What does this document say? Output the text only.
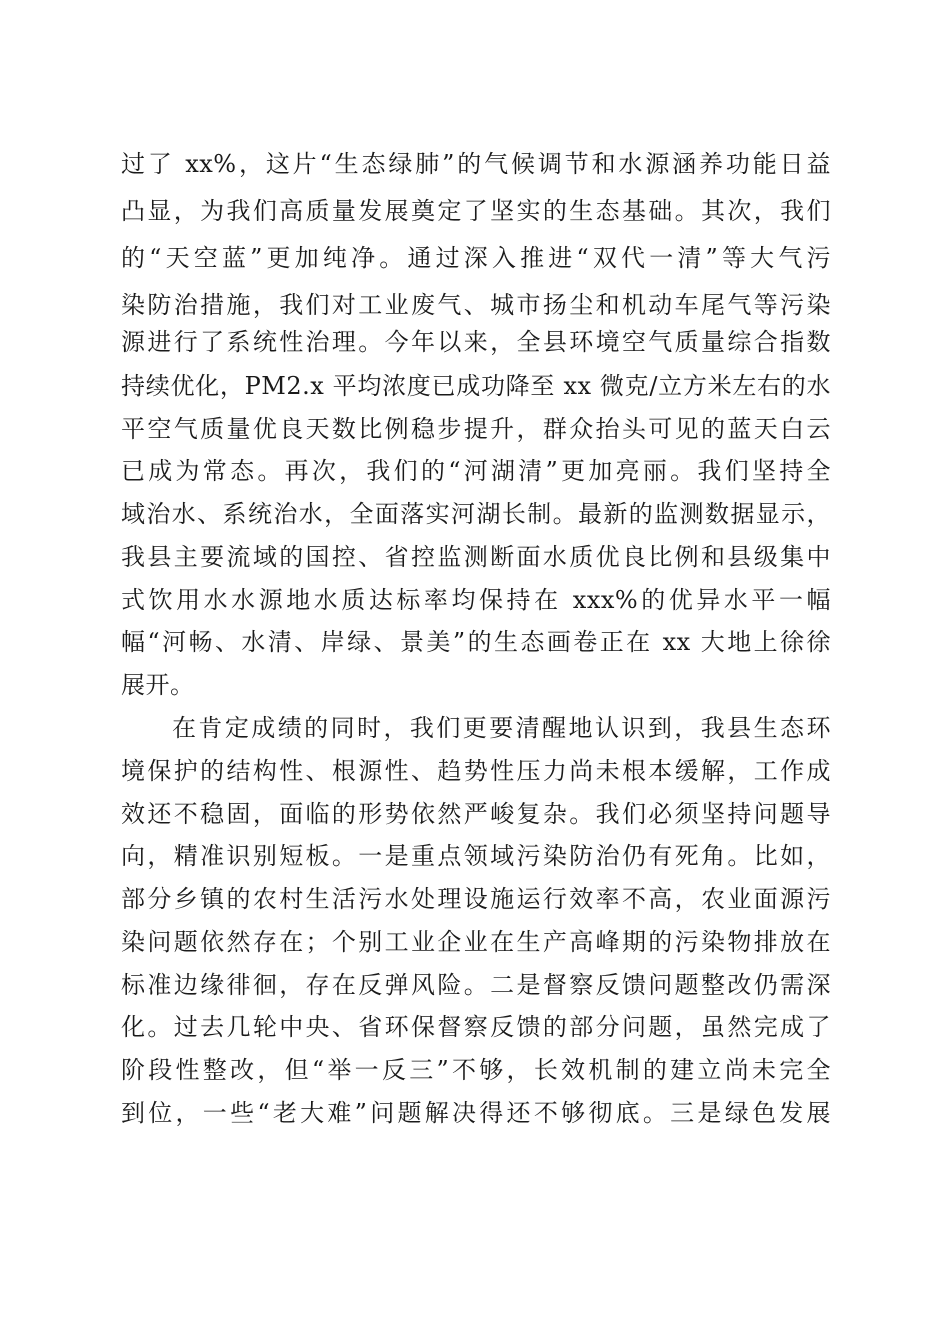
过了 xx%，这片“生态绿肺”的气候调节和水源涵养功能日益
凸显，为我们高质量发展奠定了坚实的生态基础。其次，我们
的“天空蓝”更加纯净。通过深入推进“双代一清”等大气污
染防治措施，我们对工业废气、城市扬尘和机动车尾气等污染
源进行了系统性治理。今年以来，全县环境空气质量综合指数
持续优化，PM2.x 平均浓度已成功降至 xx 微克/立方米左右的水
平空气质量优良天数比例稳步提升，群众抬头可见的蓝天白云
已成为常态。再次，我们的“河湖清”更加亮丽。我们坚持全
域治水、系统治水，全面落实河湖长制。最新的监测数据显示，
我县主要流域的国控、省控监测断面水质优良比例和县级集中
式饮用水水源地水质达标率均保持在 xxx%的优异水平一幅
幅“河畅、水清、岸绿、景美”的生态画卷正在 xx 大地上徐徐
展开。
在肯定成绩的同时，我们更要清醒地认识到，我县生态环
境保护的结构性、根源性、趋势性压力尚未根本缓解，工作成
效还不稳固，面临的形势依然严峻复杂。我们必须坚持问题导
向，精准识别短板。一是重点领域污染防治仍有死角。比如，
部分乡镇的农村生活污水处理设施运行效率不高，农业面源污
染问题依然存在；个别工业企业在生产高峰期的污染物排放在
标准边缘徘徊，存在反弹风险。二是督察反馈问题整改仍需深
化。过去几轮中央、省环保督察反馈的部分问题，虽然完成了
阶段性整改，但“举一反三”不够，长效机制的建立尚未完全
到位，一些“老大难”问题解决得还不够彻底。三是绿色发展
